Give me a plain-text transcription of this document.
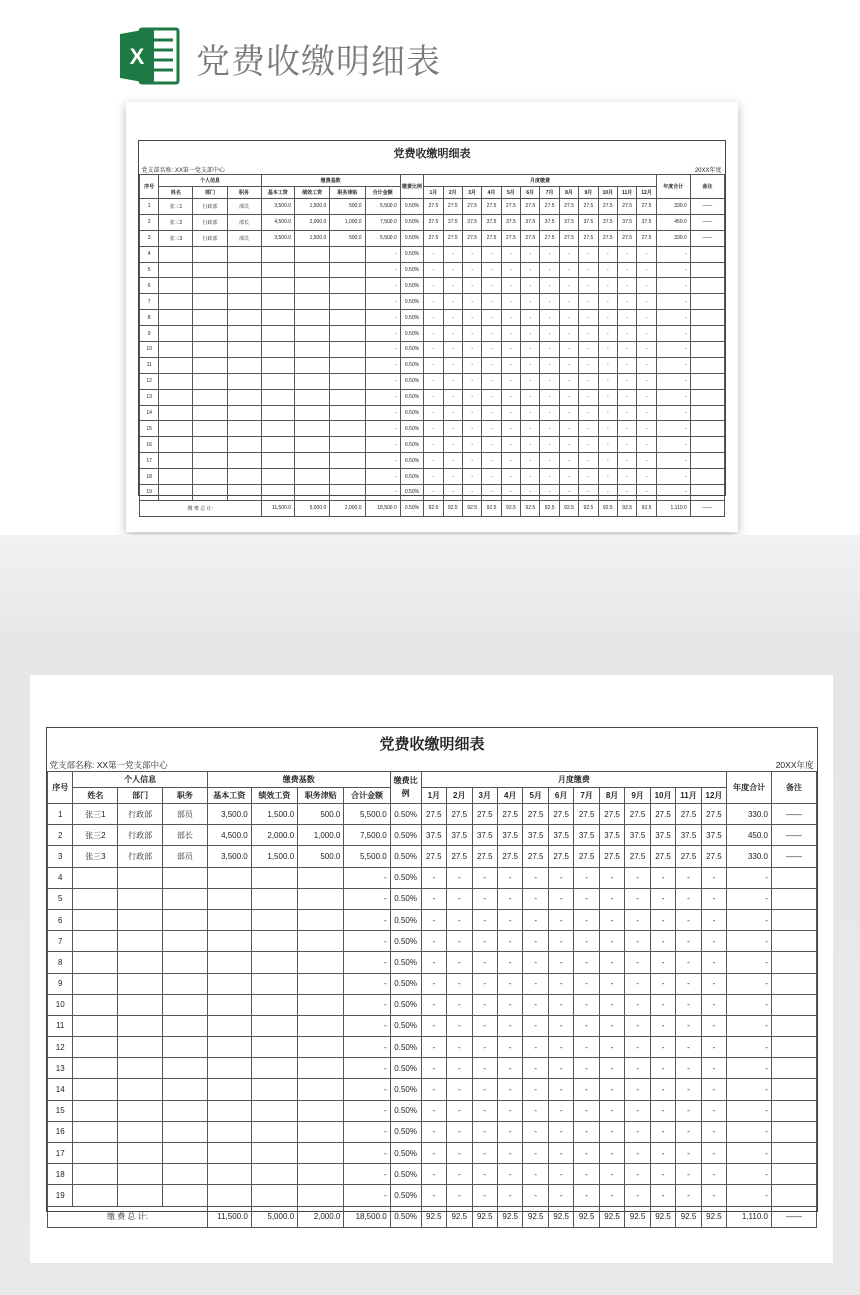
X 党费收缴明细表
党费收缴明细表																						
党支部名称: XX第一党支部中心												20XX年度										
序号	个人信息			缴费基数				缴费比例	月度缴费												年度合计	备注
	姓名	部门	职务	基本工资	绩效工资	职务津贴	合计金额		1月	2月	3月	4月	5月	6月	7月	8月	9月	10月	11月	12月		
1	张三1	行政部	部员	3,500.0	1,500.0	500.0	5,500.0	0.50%	27.5	27.5	27.5	27.5	27.5	27.5	27.5	27.5	27.5	27.5	27.5	27.5	330.0	——
2	张三2	行政部	部长	4,500.0	2,000.0	1,000.0	7,500.0	0.50%	37.5	37.5	37.5	37.5	37.5	37.5	37.5	37.5	37.5	37.5	37.5	37.5	450.0	——
3	张三3	行政部	部员	3,500.0	1,500.0	500.0	5,500.0	0.50%	27.5	27.5	27.5	27.5	27.5	27.5	27.5	27.5	27.5	27.5	27.5	27.5	330.0	——
4							-	0.50%	-	-	-	-	-	-	-	-	-	-	-	-	-	
5							-	0.50%	-	-	-	-	-	-	-	-	-	-	-	-	-	
6							-	0.50%	-	-	-	-	-	-	-	-	-	-	-	-	-	
7							-	0.50%	-	-	-	-	-	-	-	-	-	-	-	-	-	
8							-	0.50%	-	-	-	-	-	-	-	-	-	-	-	-	-	
9							-	0.50%	-	-	-	-	-	-	-	-	-	-	-	-	-	
10							-	0.50%	-	-	-	-	-	-	-	-	-	-	-	-	-	
11							-	0.50%	-	-	-	-	-	-	-	-	-	-	-	-	-	
12							-	0.50%	-	-	-	-	-	-	-	-	-	-	-	-	-	
13							-	0.50%	-	-	-	-	-	-	-	-	-	-	-	-	-	
14							-	0.50%	-	-	-	-	-	-	-	-	-	-	-	-	-	
15							-	0.50%	-	-	-	-	-	-	-	-	-	-	-	-	-	
16							-	0.50%	-	-	-	-	-	-	-	-	-	-	-	-	-	
17							-	0.50%	-	-	-	-	-	-	-	-	-	-	-	-	-	
18							-	0.50%	-	-	-	-	-	-	-	-	-	-	-	-	-	
19							-	0.50%	-	-	-	-	-	-	-	-	-	-	-	-	-	
缴 费 总 计:				11,500.0	5,000.0	2,000.0	18,500.0	0.50%	92.5	92.5	92.5	92.5	92.5	92.5	92.5	92.5	92.5	92.5	92.5	92.5	1,110.0	——
党费收缴明细表																						
党支部名称: XX第一党支部中心												20XX年度										
序号	个人信息			缴费基数				缴费比例	月度缴费												年度合计	备注
	姓名	部门	职务	基本工资	绩效工资	职务津贴	合计金额		1月	2月	3月	4月	5月	6月	7月	8月	9月	10月	11月	12月		
1	张三1	行政部	部员	3,500.0	1,500.0	500.0	5,500.0	0.50%	27.5	27.5	27.5	27.5	27.5	27.5	27.5	27.5	27.5	27.5	27.5	27.5	330.0	——
2	张三2	行政部	部长	4,500.0	2,000.0	1,000.0	7,500.0	0.50%	37.5	37.5	37.5	37.5	37.5	37.5	37.5	37.5	37.5	37.5	37.5	37.5	450.0	——
3	张三3	行政部	部员	3,500.0	1,500.0	500.0	5,500.0	0.50%	27.5	27.5	27.5	27.5	27.5	27.5	27.5	27.5	27.5	27.5	27.5	27.5	330.0	——
4							-	0.50%	-	-	-	-	-	-	-	-	-	-	-	-	-	
5							-	0.50%	-	-	-	-	-	-	-	-	-	-	-	-	-	
6							-	0.50%	-	-	-	-	-	-	-	-	-	-	-	-	-	
7							-	0.50%	-	-	-	-	-	-	-	-	-	-	-	-	-	
8							-	0.50%	-	-	-	-	-	-	-	-	-	-	-	-	-	
9							-	0.50%	-	-	-	-	-	-	-	-	-	-	-	-	-	
10							-	0.50%	-	-	-	-	-	-	-	-	-	-	-	-	-	
11							-	0.50%	-	-	-	-	-	-	-	-	-	-	-	-	-	
12							-	0.50%	-	-	-	-	-	-	-	-	-	-	-	-	-	
13							-	0.50%	-	-	-	-	-	-	-	-	-	-	-	-	-	
14							-	0.50%	-	-	-	-	-	-	-	-	-	-	-	-	-	
15							-	0.50%	-	-	-	-	-	-	-	-	-	-	-	-	-	
16							-	0.50%	-	-	-	-	-	-	-	-	-	-	-	-	-	
17							-	0.50%	-	-	-	-	-	-	-	-	-	-	-	-	-	
18							-	0.50%	-	-	-	-	-	-	-	-	-	-	-	-	-	
19							-	0.50%	-	-	-	-	-	-	-	-	-	-	-	-	-	
缴 费 总 计:				11,500.0	5,000.0	2,000.0	18,500.0	0.50%	92.5	92.5	92.5	92.5	92.5	92.5	92.5	92.5	92.5	92.5	92.5	92.5	1,110.0	——
